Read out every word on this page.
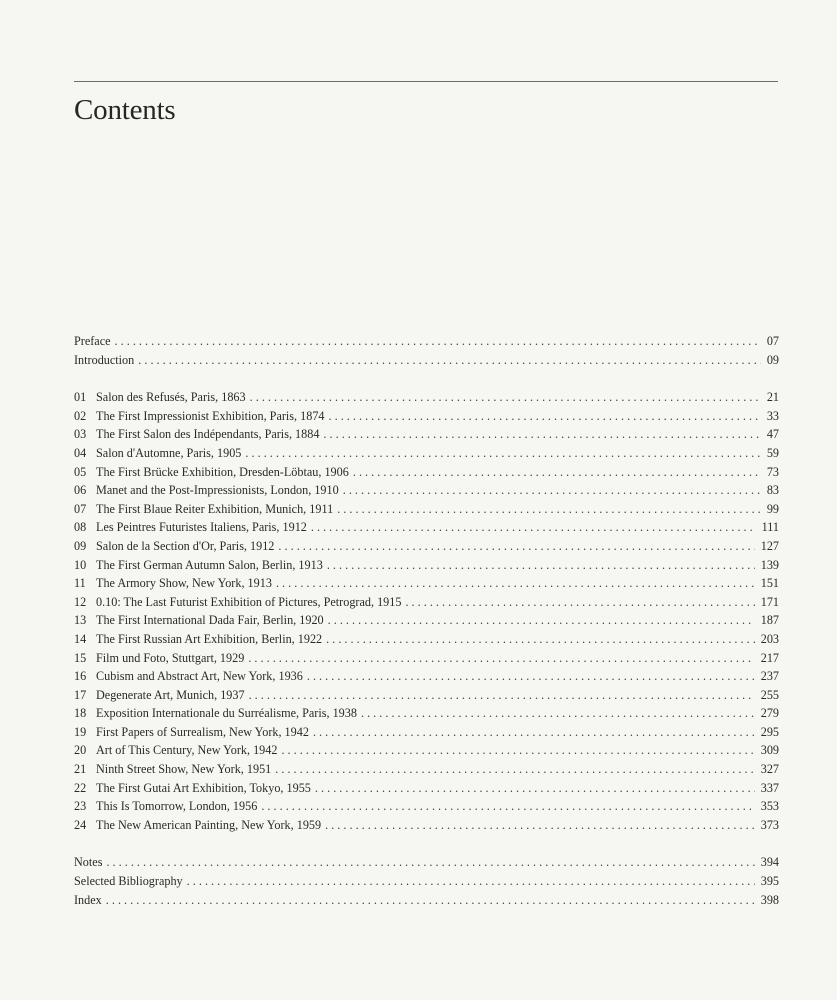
Contents
Preface . . .	07
Introduction . . .	09
01 Salon des Refusés, Paris, 1863 . . .	21
02 The First Impressionist Exhibition, Paris, 1874 . . .	33
03 The First Salon des Indépendants, Paris, 1884 . . .	47
04 Salon d'Automne, Paris, 1905 . . .	59
05 The First Brücke Exhibition, Dresden-Löbtau, 1906 . . .	73
06 Manet and the Post-Impressionists, London, 1910 . . .	83
07 The First Blaue Reiter Exhibition, Munich, 1911 . . .	99
08 Les Peintres Futuristes Italiens, Paris, 1912 . . .	111
09 Salon de la Section d'Or, Paris, 1912 . . .	127
10 The First German Autumn Salon, Berlin, 1913 . . .	139
11 The Armory Show, New York, 1913 . . .	151
12 0.10: The Last Futurist Exhibition of Pictures, Petrograd, 1915 . . .	171
13 The First International Dada Fair, Berlin, 1920 . . .	187
14 The First Russian Art Exhibition, Berlin, 1922 . . .	203
15 Film und Foto, Stuttgart, 1929 . . .	217
16 Cubism and Abstract Art, New York, 1936 . . .	237
17 Degenerate Art, Munich, 1937 . . .	255
18 Exposition Internationale du Surréalisme, Paris, 1938 . . .	279
19 First Papers of Surrealism, New York, 1942 . . .	295
20 Art of This Century, New York, 1942 . . .	309
21 Ninth Street Show, New York, 1951 . . .	327
22 The First Gutai Art Exhibition, Tokyo, 1955 . . .	337
23 This Is Tomorrow, London, 1956 . . .	353
24 The New American Painting, New York, 1959 . . .	373
Notes . . .	394
Selected Bibliography . . .	395
Index . . .	398
